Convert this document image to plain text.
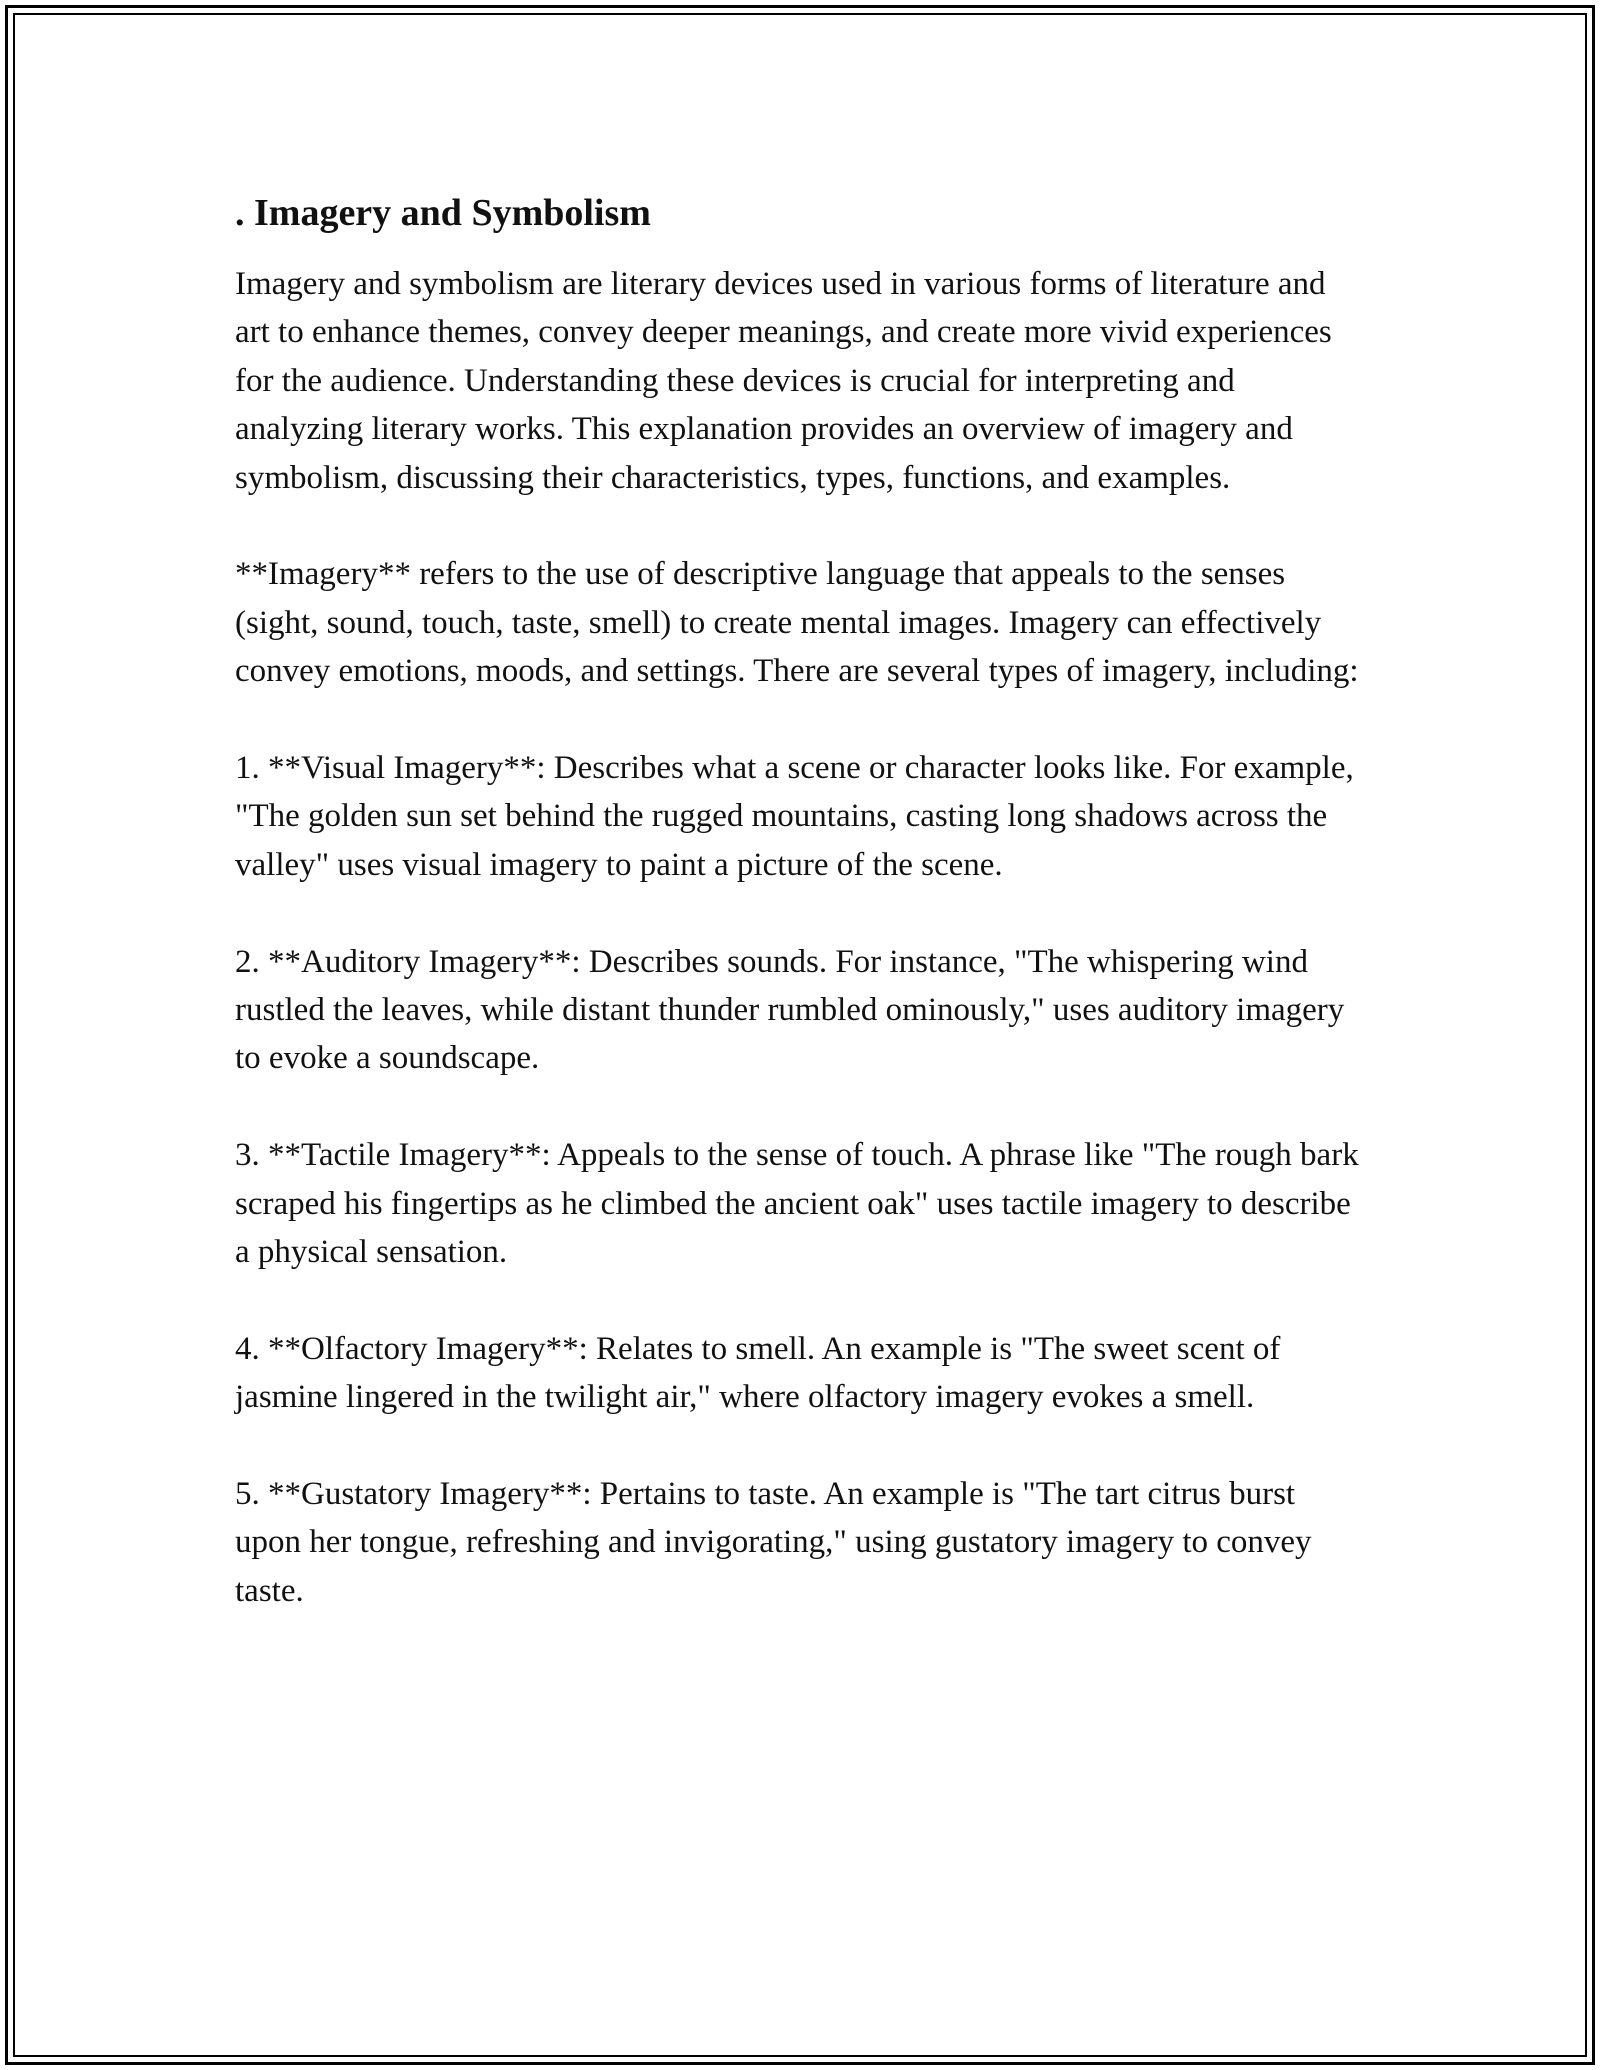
. Imagery and Symbolism

Imagery and symbolism are literary devices used in various forms of literature and art to enhance themes, convey deeper meanings, and create more vivid experiences for the audience. Understanding these devices is crucial for interpreting and analyzing literary works. This explanation provides an overview of imagery and symbolism, discussing their characteristics, types, functions, and examples.

**Imagery** refers to the use of descriptive language that appeals to the senses (sight, sound, touch, taste, smell) to create mental images. Imagery can effectively convey emotions, moods, and settings. There are several types of imagery, including:

1. **Visual Imagery**: Describes what a scene or character looks like. For example, "The golden sun set behind the rugged mountains, casting long shadows across the valley" uses visual imagery to paint a picture of the scene.

2. **Auditory Imagery**: Describes sounds. For instance, "The whispering wind rustled the leaves, while distant thunder rumbled ominously," uses auditory imagery to evoke a soundscape.

3. **Tactile Imagery**: Appeals to the sense of touch. A phrase like "The rough bark scraped his fingertips as he climbed the ancient oak" uses tactile imagery to describe a physical sensation.

4. **Olfactory Imagery**: Relates to smell. An example is "The sweet scent of jasmine lingered in the twilight air," where olfactory imagery evokes a smell.

5. **Gustatory Imagery**: Pertains to taste. An example is "The tart citrus burst upon her tongue, refreshing and invigorating," using gustatory imagery to convey taste.
